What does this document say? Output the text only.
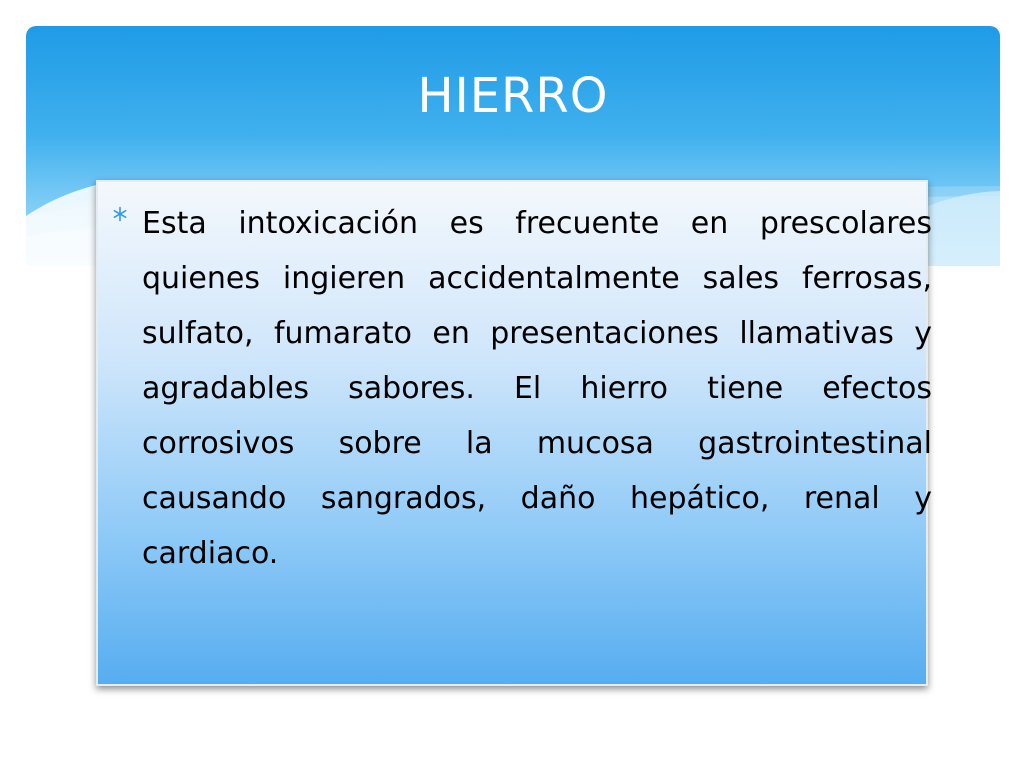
HIERRO

Esta intoxicación es frecuente en prescolares quienes ingieren accidentalmente sales ferrosas, sulfato, fumarato en presentaciones llamativas y agradables sabores. El hierro tiene efectos corrosivos sobre la mucosa gastrointestinal causando sangrados, daño hepático, renal y cardiaco.
